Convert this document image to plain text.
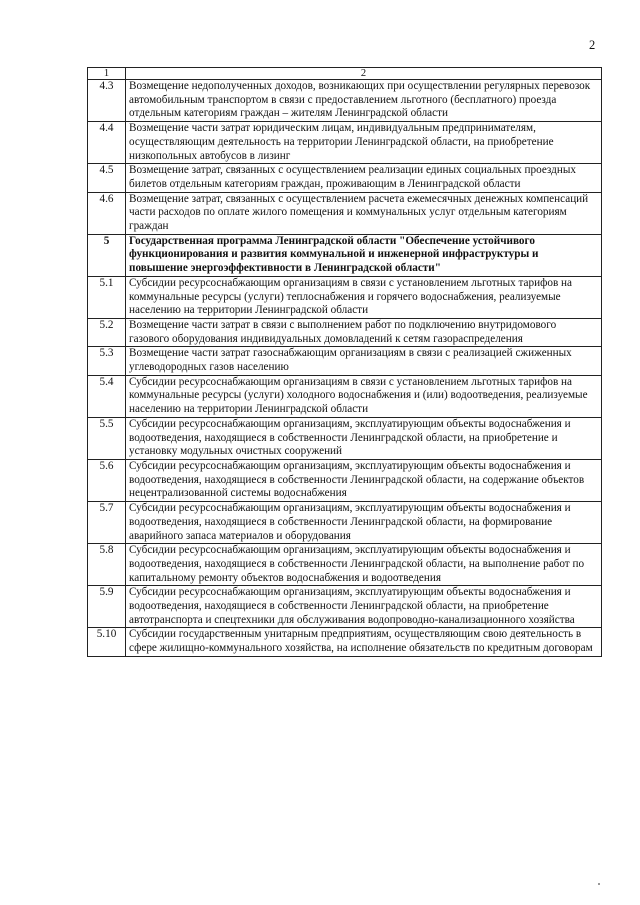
2
1	2
4.3	Возмещение недополученных доходов, возникающих при осуществлении регулярных перевозок автомобильным транспортом в связи с предоставлением льготного (бесплатного) проезда отдельным категориям граждан – жителям Ленинградской области
4.4	Возмещение части затрат юридическим лицам, индивидуальным предпринимателям, осуществляющим деятельность на территории Ленинградской области, на приобретение низкопольных автобусов в лизинг
4.5	Возмещение затрат, связанных с осуществлением реализации единых социальных проездных билетов отдельным категориям граждан, проживающим в Ленинградской области
4.6	Возмещение затрат, связанных с осуществлением расчета ежемесячных денежных компенсаций части расходов по оплате жилого помещения и коммунальных услуг отдельным категориям граждан
5	Государственная программа Ленинградской области "Обеспечение устойчивого функционирования и развития коммунальной и инженерной инфраструктуры и повышение энергоэффективности в Ленинградской области"
5.1	Субсидии ресурсоснабжающим организациям в связи с установлением льготных тарифов на коммунальные ресурсы (услуги) теплоснабжения и горячего водоснабжения, реализуемые населению на территории Ленинградской области
5.2	Возмещение части затрат в связи с выполнением работ по подключению внутридомового газового оборудования индивидуальных домовладений к сетям газораспределения
5.3	Возмещение части затрат газоснабжающим организациям в связи с реализацией сжиженных углеводородных газов населению
5.4	Субсидии ресурсоснабжающим организациям в связи с установлением льготных тарифов на коммунальные ресурсы (услуги) холодного водоснабжения и (или) водоотведения, реализуемые населению на территории Ленинградской области
5.5	Субсидии ресурсоснабжающим организациям, эксплуатирующим объекты водоснабжения и водоотведения, находящиеся в собственности Ленинградской области, на приобретение и установку модульных очистных сооружений
5.6	Субсидии ресурсоснабжающим организациям, эксплуатирующим объекты водоснабжения и водоотведения, находящиеся в собственности Ленинградской области, на содержание объектов нецентрализованной системы водоснабжения
5.7	Субсидии ресурсоснабжающим организациям, эксплуатирующим объекты водоснабжения и водоотведения, находящиеся в собственности Ленинградской области, на формирование аварийного запаса материалов и оборудования
5.8	Субсидии ресурсоснабжающим организациям, эксплуатирующим объекты водоснабжения и водоотведения, находящиеся в собственности Ленинградской области, на выполнение работ по капитальному ремонту объектов водоснабжения и водоотведения
5.9	Субсидии ресурсоснабжающим организациям, эксплуатирующим объекты водоснабжения и водоотведения, находящиеся в собственности Ленинградской области, на приобретение автотранспорта и спецтехники для обслуживания водопроводно-канализационного хозяйства
5.10	Субсидии государственным унитарным предприятиям, осуществляющим свою деятельность в сфере жилищно-коммунального хозяйства, на исполнение обязательств по кредитным договорам
